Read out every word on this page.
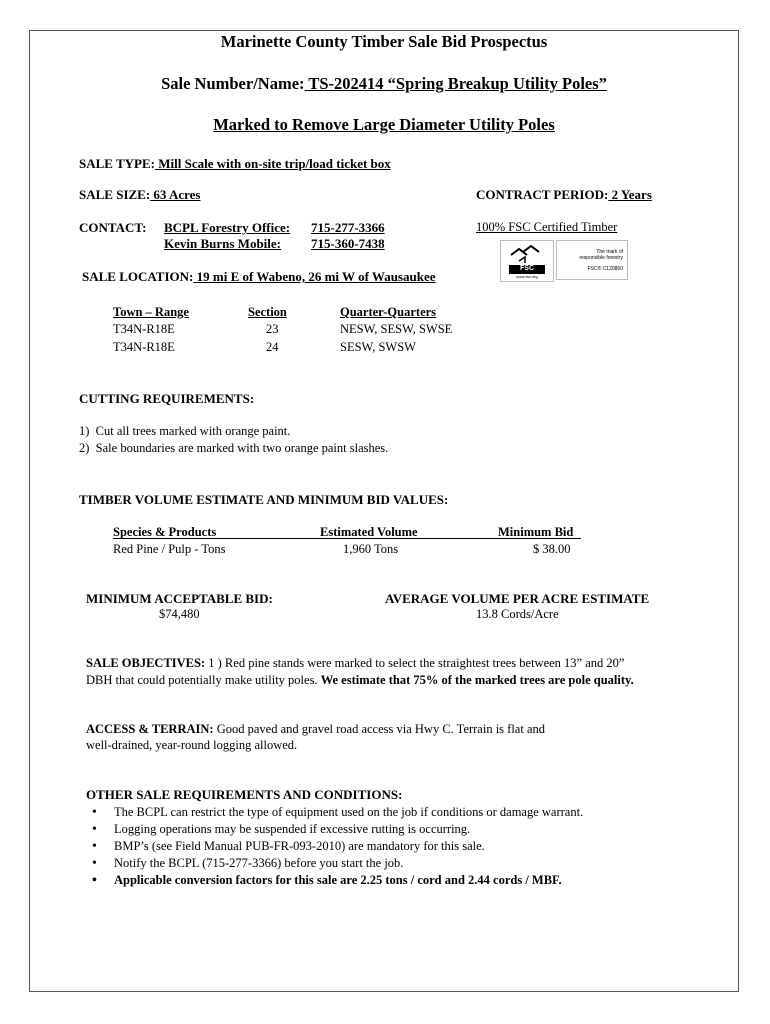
Marinette County Timber Sale Bid Prospectus
Sale Number/Name: TS-202414 “Spring Breakup Utility Poles”
Marked to Remove Large Diameter Utility Poles
SALE TYPE: Mill Scale with on-site trip/load ticket box
SALE SIZE: 63 Acres	CONTRACT PERIOD: 2 Years
CONTACT: BCPL Forestry Office: 715-277-3366
Kevin Burns Mobile: 715-360-7438
100% FSC Certified Timber
FSC
www.fsc.org
The mark of
responsible forestry
FSC® C120860
SALE LOCATION: 19 mi E of Wabeno, 26 mi W of Wausaukee
Town – Range	Section	Quarter-Quarters
T34N-R18E	23	NESW, SESW, SWSE
T34N-R18E	24	SESW, SWSW
CUTTING REQUIREMENTS:
1) Cut all trees marked with orange paint.
2) Sale boundaries are marked with two orange paint slashes.
TIMBER VOLUME ESTIMATE AND MINIMUM BID VALUES:
Species & Products	Estimated Volume	Minimum Bid
Red Pine / Pulp - Tons	1,960 Tons	$ 38.00
MINIMUM ACCEPTABLE BID:
$74,480
AVERAGE VOLUME PER ACRE ESTIMATE
13.8 Cords/Acre
SALE OBJECTIVES: 1 ) Red pine stands were marked to select the straightest trees between 13” and 20”
DBH that could potentially make utility poles. We estimate that 75% of the marked trees are pole quality.
ACCESS & TERRAIN: Good paved and gravel road access via Hwy C. Terrain is flat and
well-drained, year-round logging allowed.
OTHER SALE REQUIREMENTS AND CONDITIONS:
• The BCPL can restrict the type of equipment used on the job if conditions or damage warrant.
• Logging operations may be suspended if excessive rutting is occurring.
• BMP’s (see Field Manual PUB-FR-093-2010) are mandatory for this sale.
• Notify the BCPL (715-277-3366) before you start the job.
• Applicable conversion factors for this sale are 2.25 tons / cord and 2.44 cords / MBF.
